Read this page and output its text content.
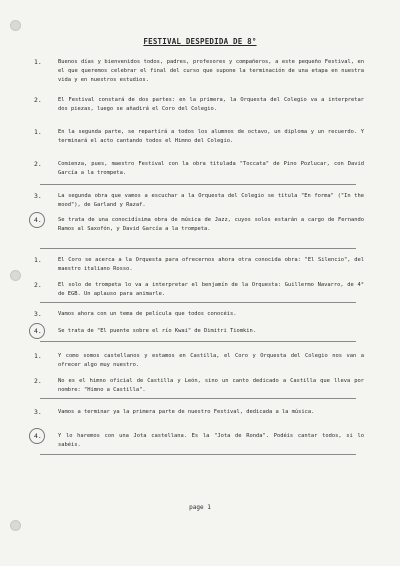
FESTIVAL DESPEDIDA DE 8°
1.	Buenos días y bienvenidos todos, padres, profesores y compañeros, a este pequeño Festival, en el que queremos celebrar el final del curso que supone la terminación de una etapa en nuestra vida y en nuestros estudios.
2.	El Festival constará de dos partes: en la primera, la Orquesta del Colegio va a interpretar dos piezas, luego se añadirá el Coro del Colegio.
1.	En la segunda parte, se repartirá a todos los alumnos de octavo, un diploma y un recuerdo. Y terminará el acto cantando todos el Himno del Colegio.
2.	Comienza, pues, maestro Festival con la obra titulada "Toccata" de Pino Pozlucar, con David García a la trompeta.
3.	La segunda obra que vamos a escuchar a la Orquesta del Colegio se titula "En forma" ("In the mood"), de Garland y Razaf.
4.	Se trata de una conocidísima obra de música de Jazz, cuyos solos estarán a cargo de Fernando Ramos al Saxofón, y David García a la trompeta.
1.	El Coro se acerca a la Orquesta para ofrecernos ahora otra conocida obra: "El Silencio", del maestro italiano Rosso.
2.	El solo de trompeta lo va a interpretar el benjamín de la Orquesta: Guillermo Navarro, de 4° de EGB. Un aplauso para animarle.
3.	Vamos ahora con un tema de película que todos conocéis.
4.	Se trata de "El puente sobre el río Kwai" de Dimitri Tiomkin.
1.	Y como somos castellanos y estamos en Castilla, el Coro y Orquesta del Colegio nos van a ofrecer algo muy nuestro.
2.	No es el himno oficial de Castilla y León, sino un canto dedicado a Castilla que lleva por nombre: "Himno a Castilla".
3.	Vamos a terminar ya la primera parte de nuestro Festival, dedicada a la música.
4.	Y lo haremos con una Jota castellana. Es la "Jota de Ronda". Podéis cantar todos, si lo sabéis.
page 1
